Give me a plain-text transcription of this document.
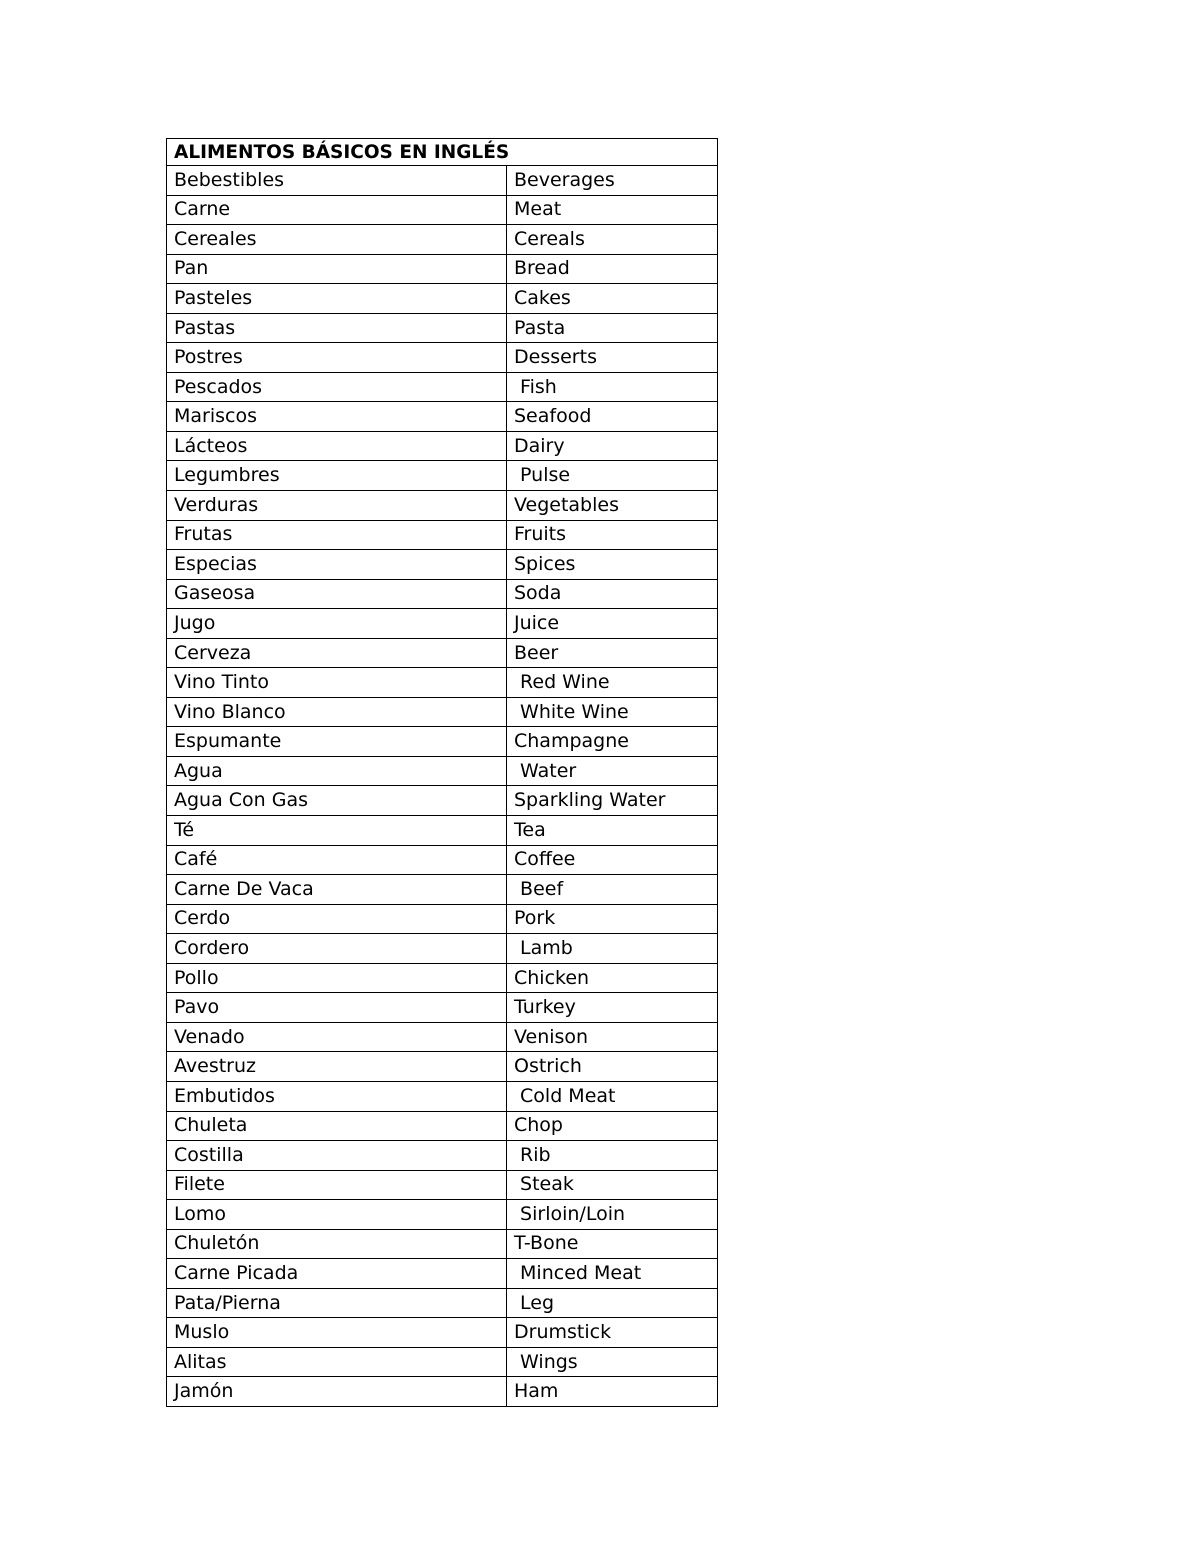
ALIMENTOS BÁSICOS EN INGLÉS	
Bebestibles	Beverages
Carne	Meat
Cereales	Cereals
Pan	Bread
Pasteles	Cakes
Pastas	Pasta
Postres	Desserts
Pescados	Fish
Mariscos	Seafood
Lácteos	Dairy
Legumbres	Pulse
Verduras	Vegetables
Frutas	Fruits
Especias	Spices
Gaseosa	Soda
Jugo	Juice
Cerveza	Beer
Vino Tinto	Red Wine
Vino Blanco	White Wine
Espumante	Champagne
Agua	Water
Agua Con Gas	Sparkling Water
Té	Tea
Café	Coffee
Carne De Vaca	Beef
Cerdo	Pork
Cordero	Lamb
Pollo	Chicken
Pavo	Turkey
Venado	Venison
Avestruz	Ostrich
Embutidos	Cold Meat
Chuleta	Chop
Costilla	Rib
Filete	Steak
Lomo	Sirloin/Loin
Chuletón	T-Bone
Carne Picada	Minced Meat
Pata/Pierna	Leg
Muslo	Drumstick
Alitas	Wings
Jamón	Ham
